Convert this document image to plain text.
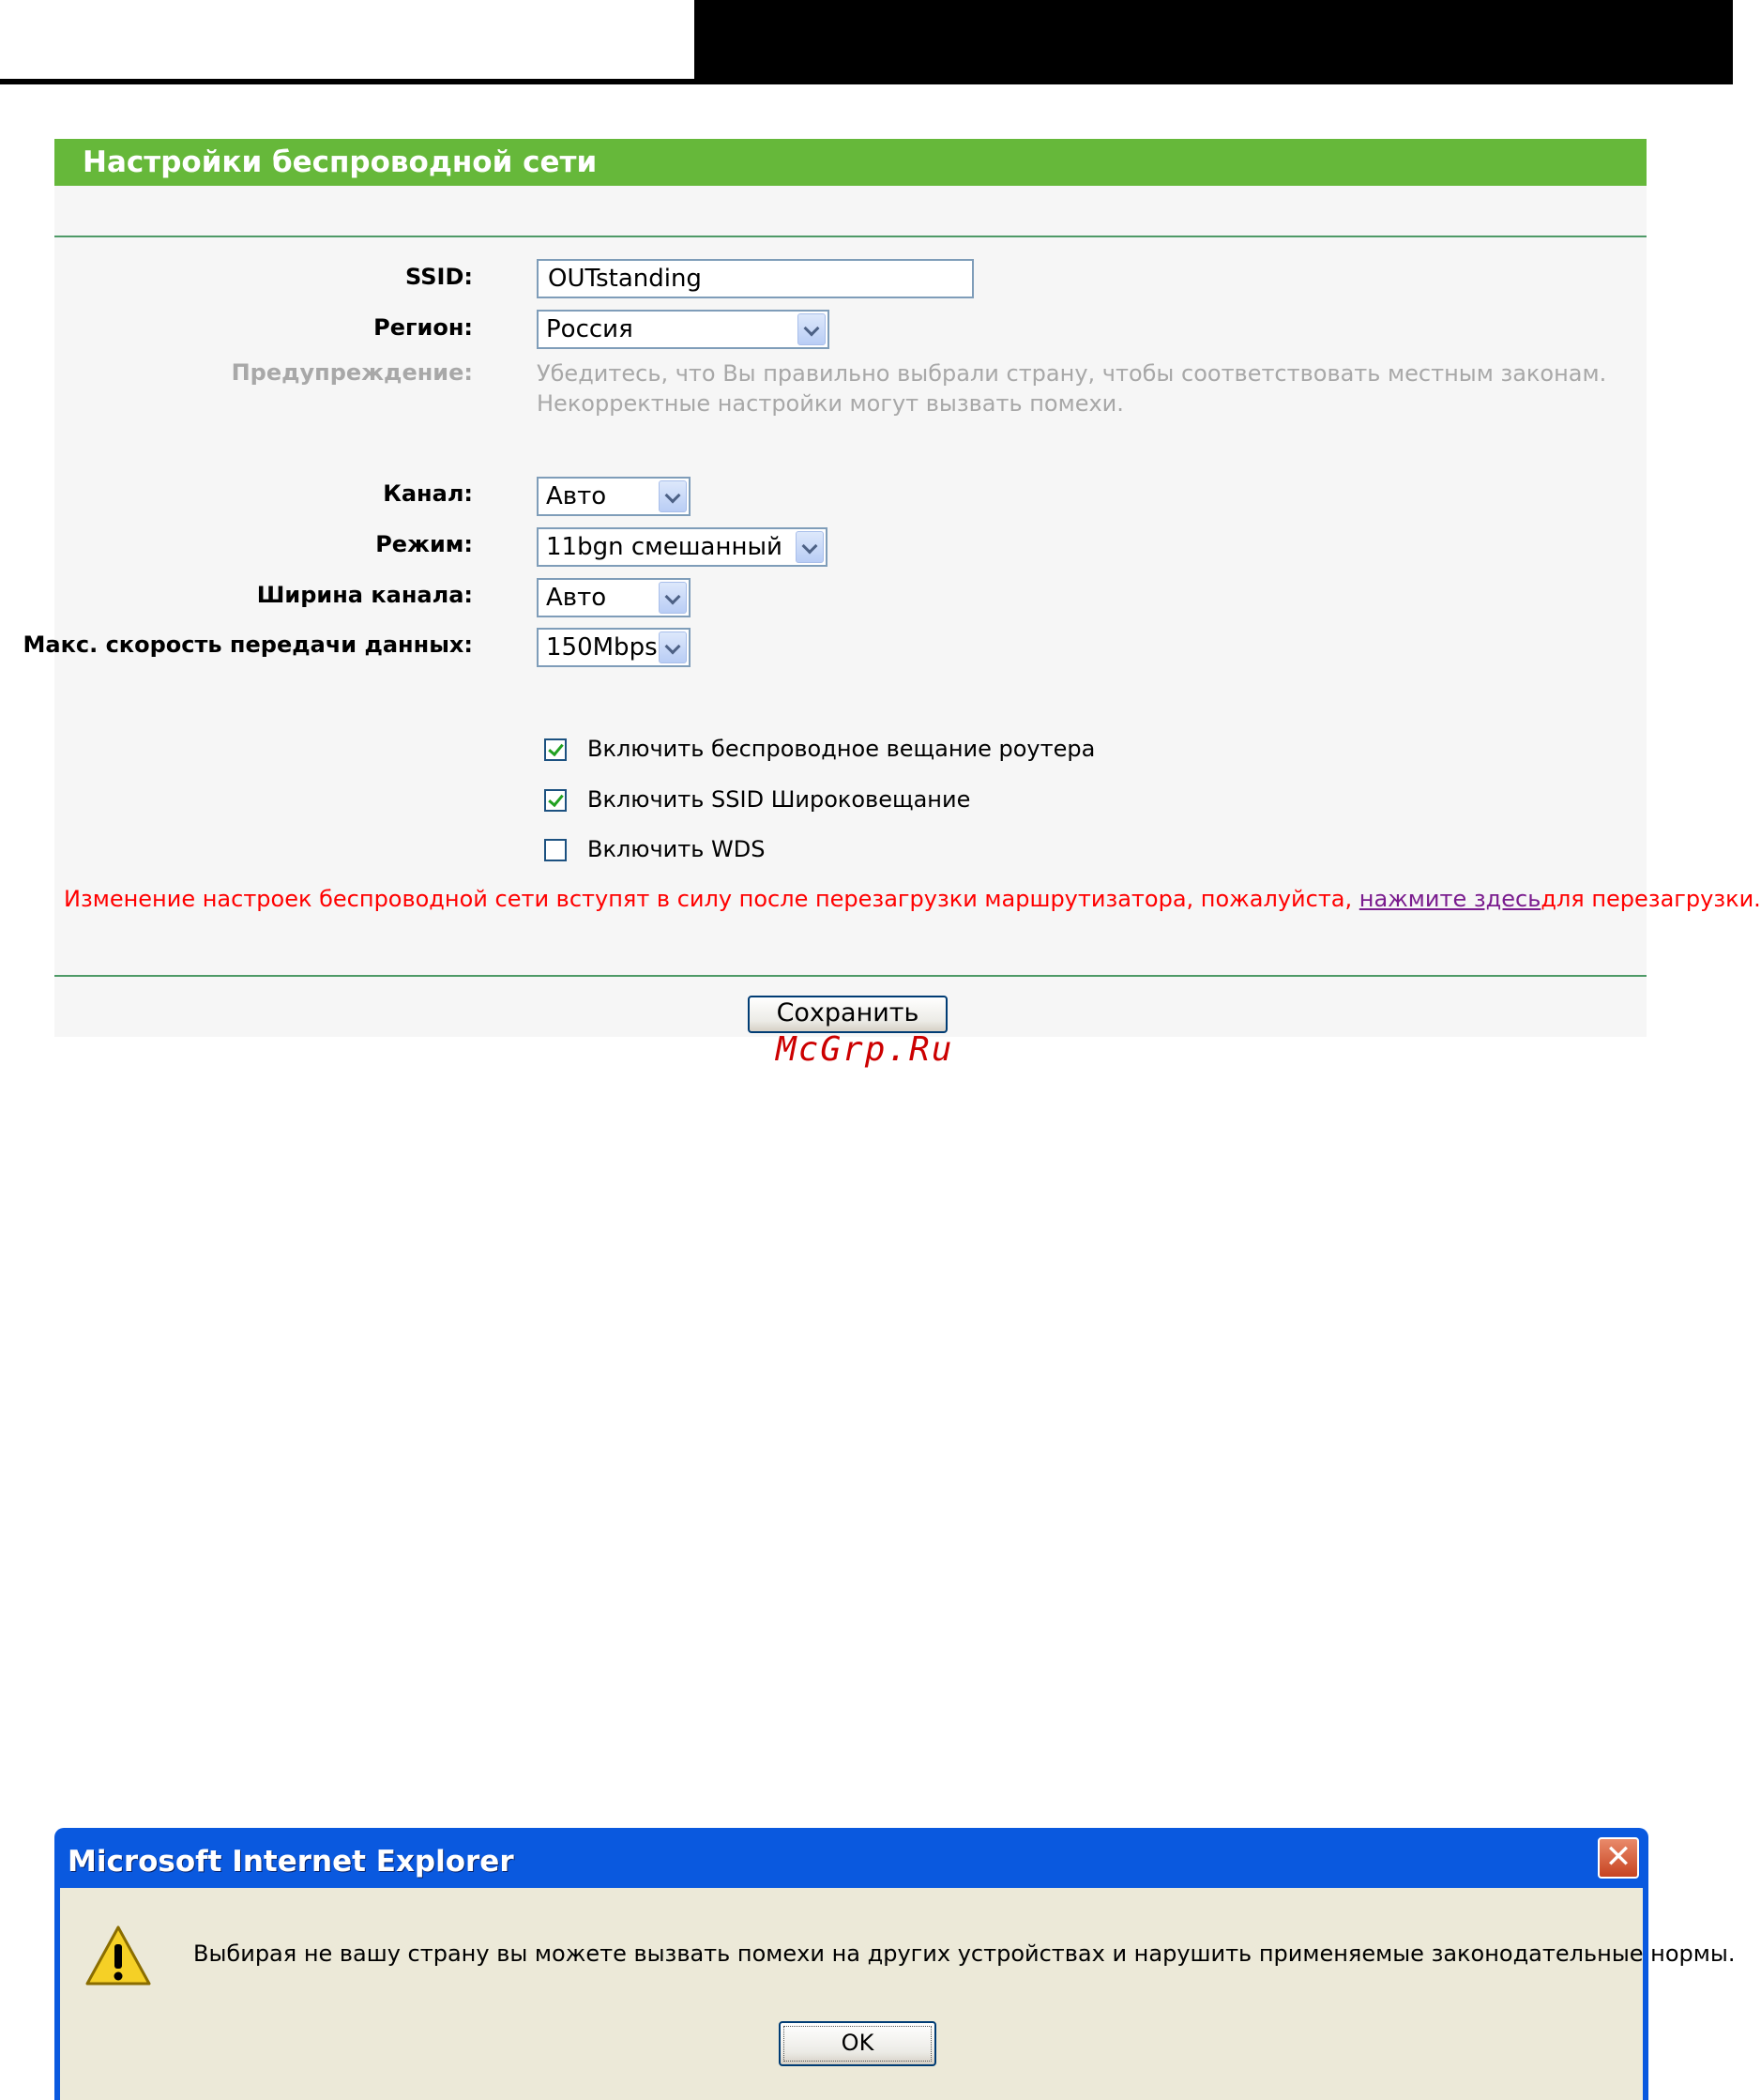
Настройки беспроводной сети
SSID:	OUTstanding
Регион:	Россия
Предупреждение:	Убедитесь, что Вы правильно выбрали страну, чтобы соответствовать местным законам.
Некорректные настройки могут вызвать помехи.
Канал:	Авто
Режим:	11bgn смешанный
Ширина канала:	Авто
Макс. скорость передачи данных:	150Mbps
Включить беспроводное вещание роутера
Включить SSID Широковещание
Включить WDS
Изменение настроек беспроводной сети вступят в силу после перезагрузки маршрутизатора, пожалуйста, нажмите здесьдля перезагрузки.
Сохранить
McGrp.Ru
Microsoft Internet Explorer	✕
Выбирая не вашу страну вы можете вызвать помехи на других устройствах и нарушить применяемые законодательные нормы.
OK
